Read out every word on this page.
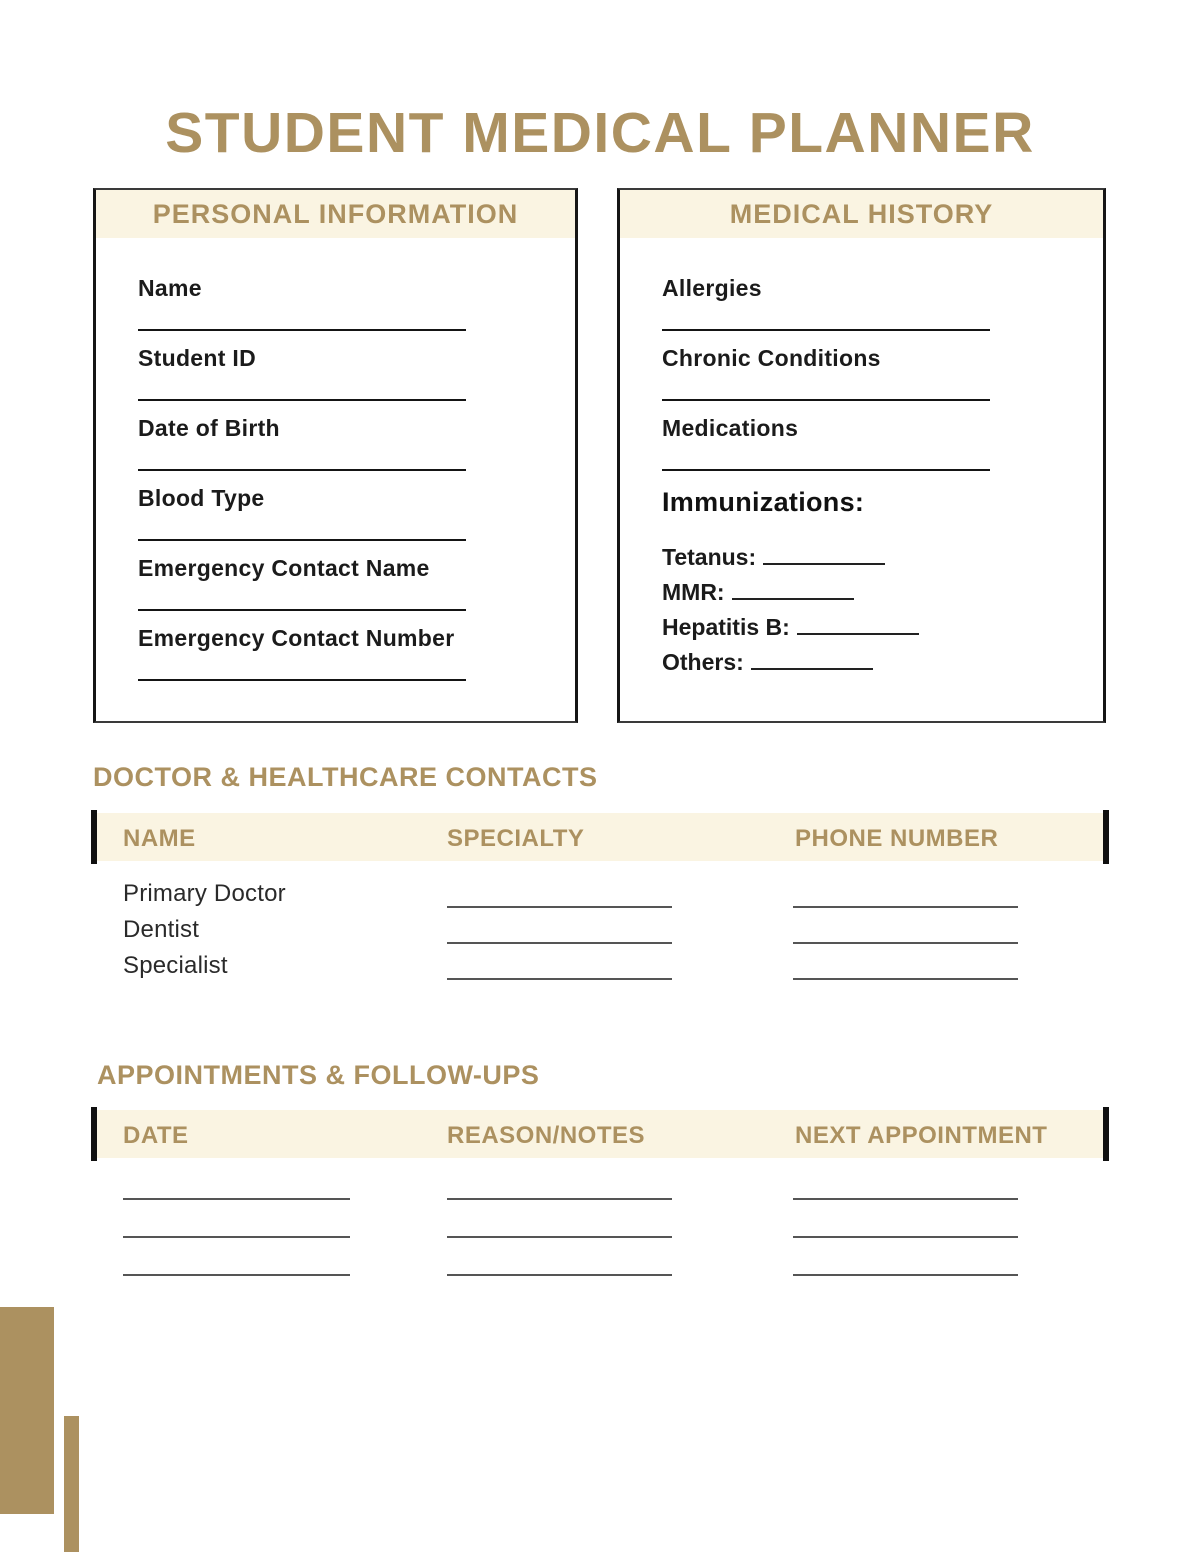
STUDENT MEDICAL PLANNER
PERSONAL INFORMATION
Name
Student ID
Date of Birth
Blood Type
Emergency Contact Name
Emergency Contact Number
MEDICAL HISTORY
Allergies
Chronic Conditions
Medications
Immunizations:
Tetanus:
MMR:
Hepatitis B:
Others:
DOCTOR & HEALTHCARE CONTACTS
NAME	SPECIALTY	PHONE NUMBER
Primary Doctor
Dentist
Specialist
APPOINTMENTS & FOLLOW-UPS
DATE	REASON/NOTES	NEXT APPOINTMENT
